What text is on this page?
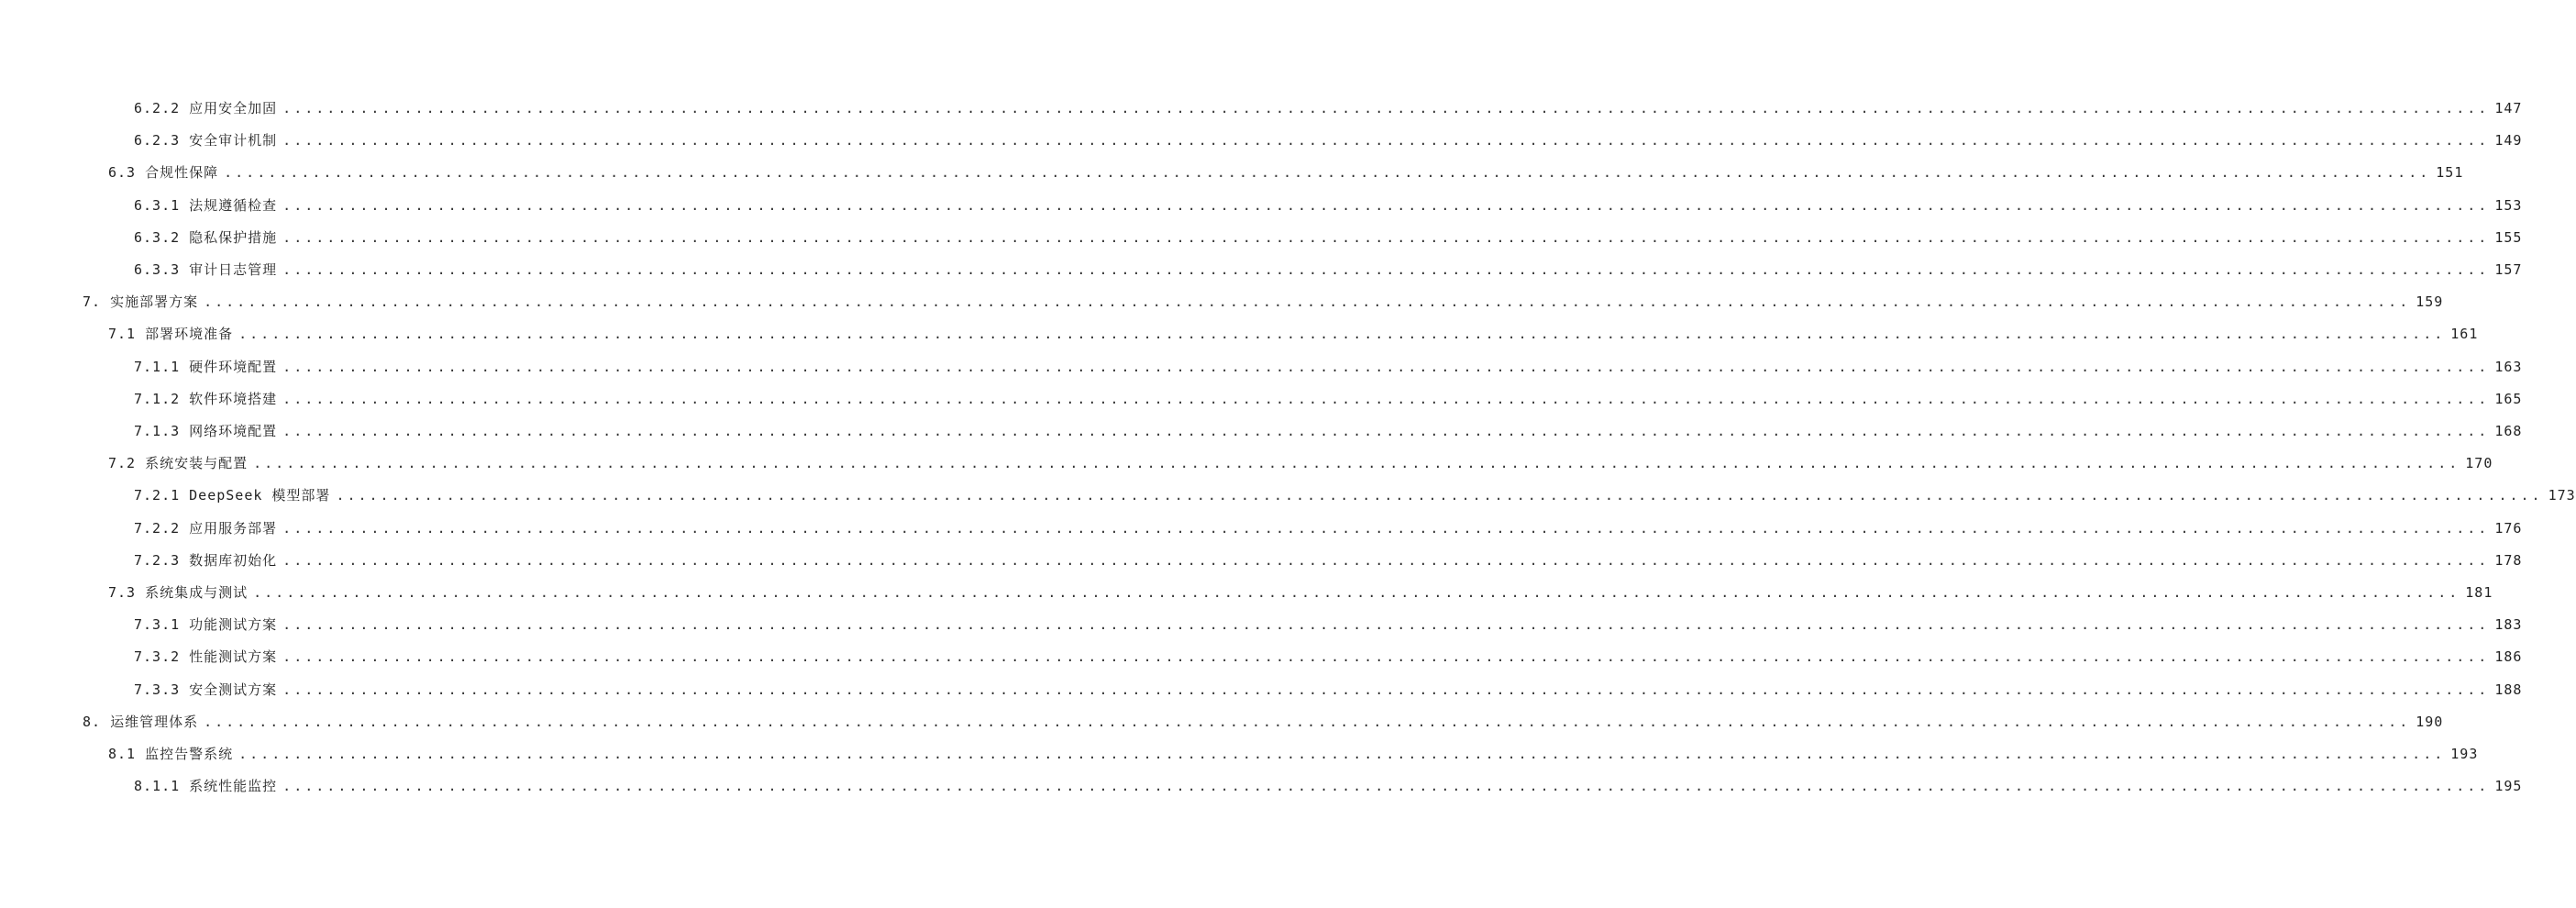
6.2.2 应用安全加固 ........................................................................................................................................................................................................ 147
6.2.3 安全审计机制 ........................................................................................................................................................................................................ 149
6.3 合规性保障 ........................................................................................................................................................................................................ 151
6.3.1 法规遵循检查 ........................................................................................................................................................................................................ 153
6.3.2 隐私保护措施 ........................................................................................................................................................................................................ 155
6.3.3 审计日志管理 ........................................................................................................................................................................................................ 157
7. 实施部署方案 ........................................................................................................................................................................................................ 159
7.1 部署环境准备 ........................................................................................................................................................................................................ 161
7.1.1 硬件环境配置 ........................................................................................................................................................................................................ 163
7.1.2 软件环境搭建 ........................................................................................................................................................................................................ 165
7.1.3 网络环境配置 ........................................................................................................................................................................................................ 168
7.2 系统安装与配置 ........................................................................................................................................................................................................ 170
7.2.1 DeepSeek 模型部署 ........................................................................................................................................................................................................ 173
7.2.2 应用服务部署 ........................................................................................................................................................................................................ 176
7.2.3 数据库初始化 ........................................................................................................................................................................................................ 178
7.3 系统集成与测试 ........................................................................................................................................................................................................ 181
7.3.1 功能测试方案 ........................................................................................................................................................................................................ 183
7.3.2 性能测试方案 ........................................................................................................................................................................................................ 186
7.3.3 安全测试方案 ........................................................................................................................................................................................................ 188
8. 运维管理体系 ........................................................................................................................................................................................................ 190
8.1 监控告警系统 ........................................................................................................................................................................................................ 193
8.1.1 系统性能监控 ........................................................................................................................................................................................................ 195
